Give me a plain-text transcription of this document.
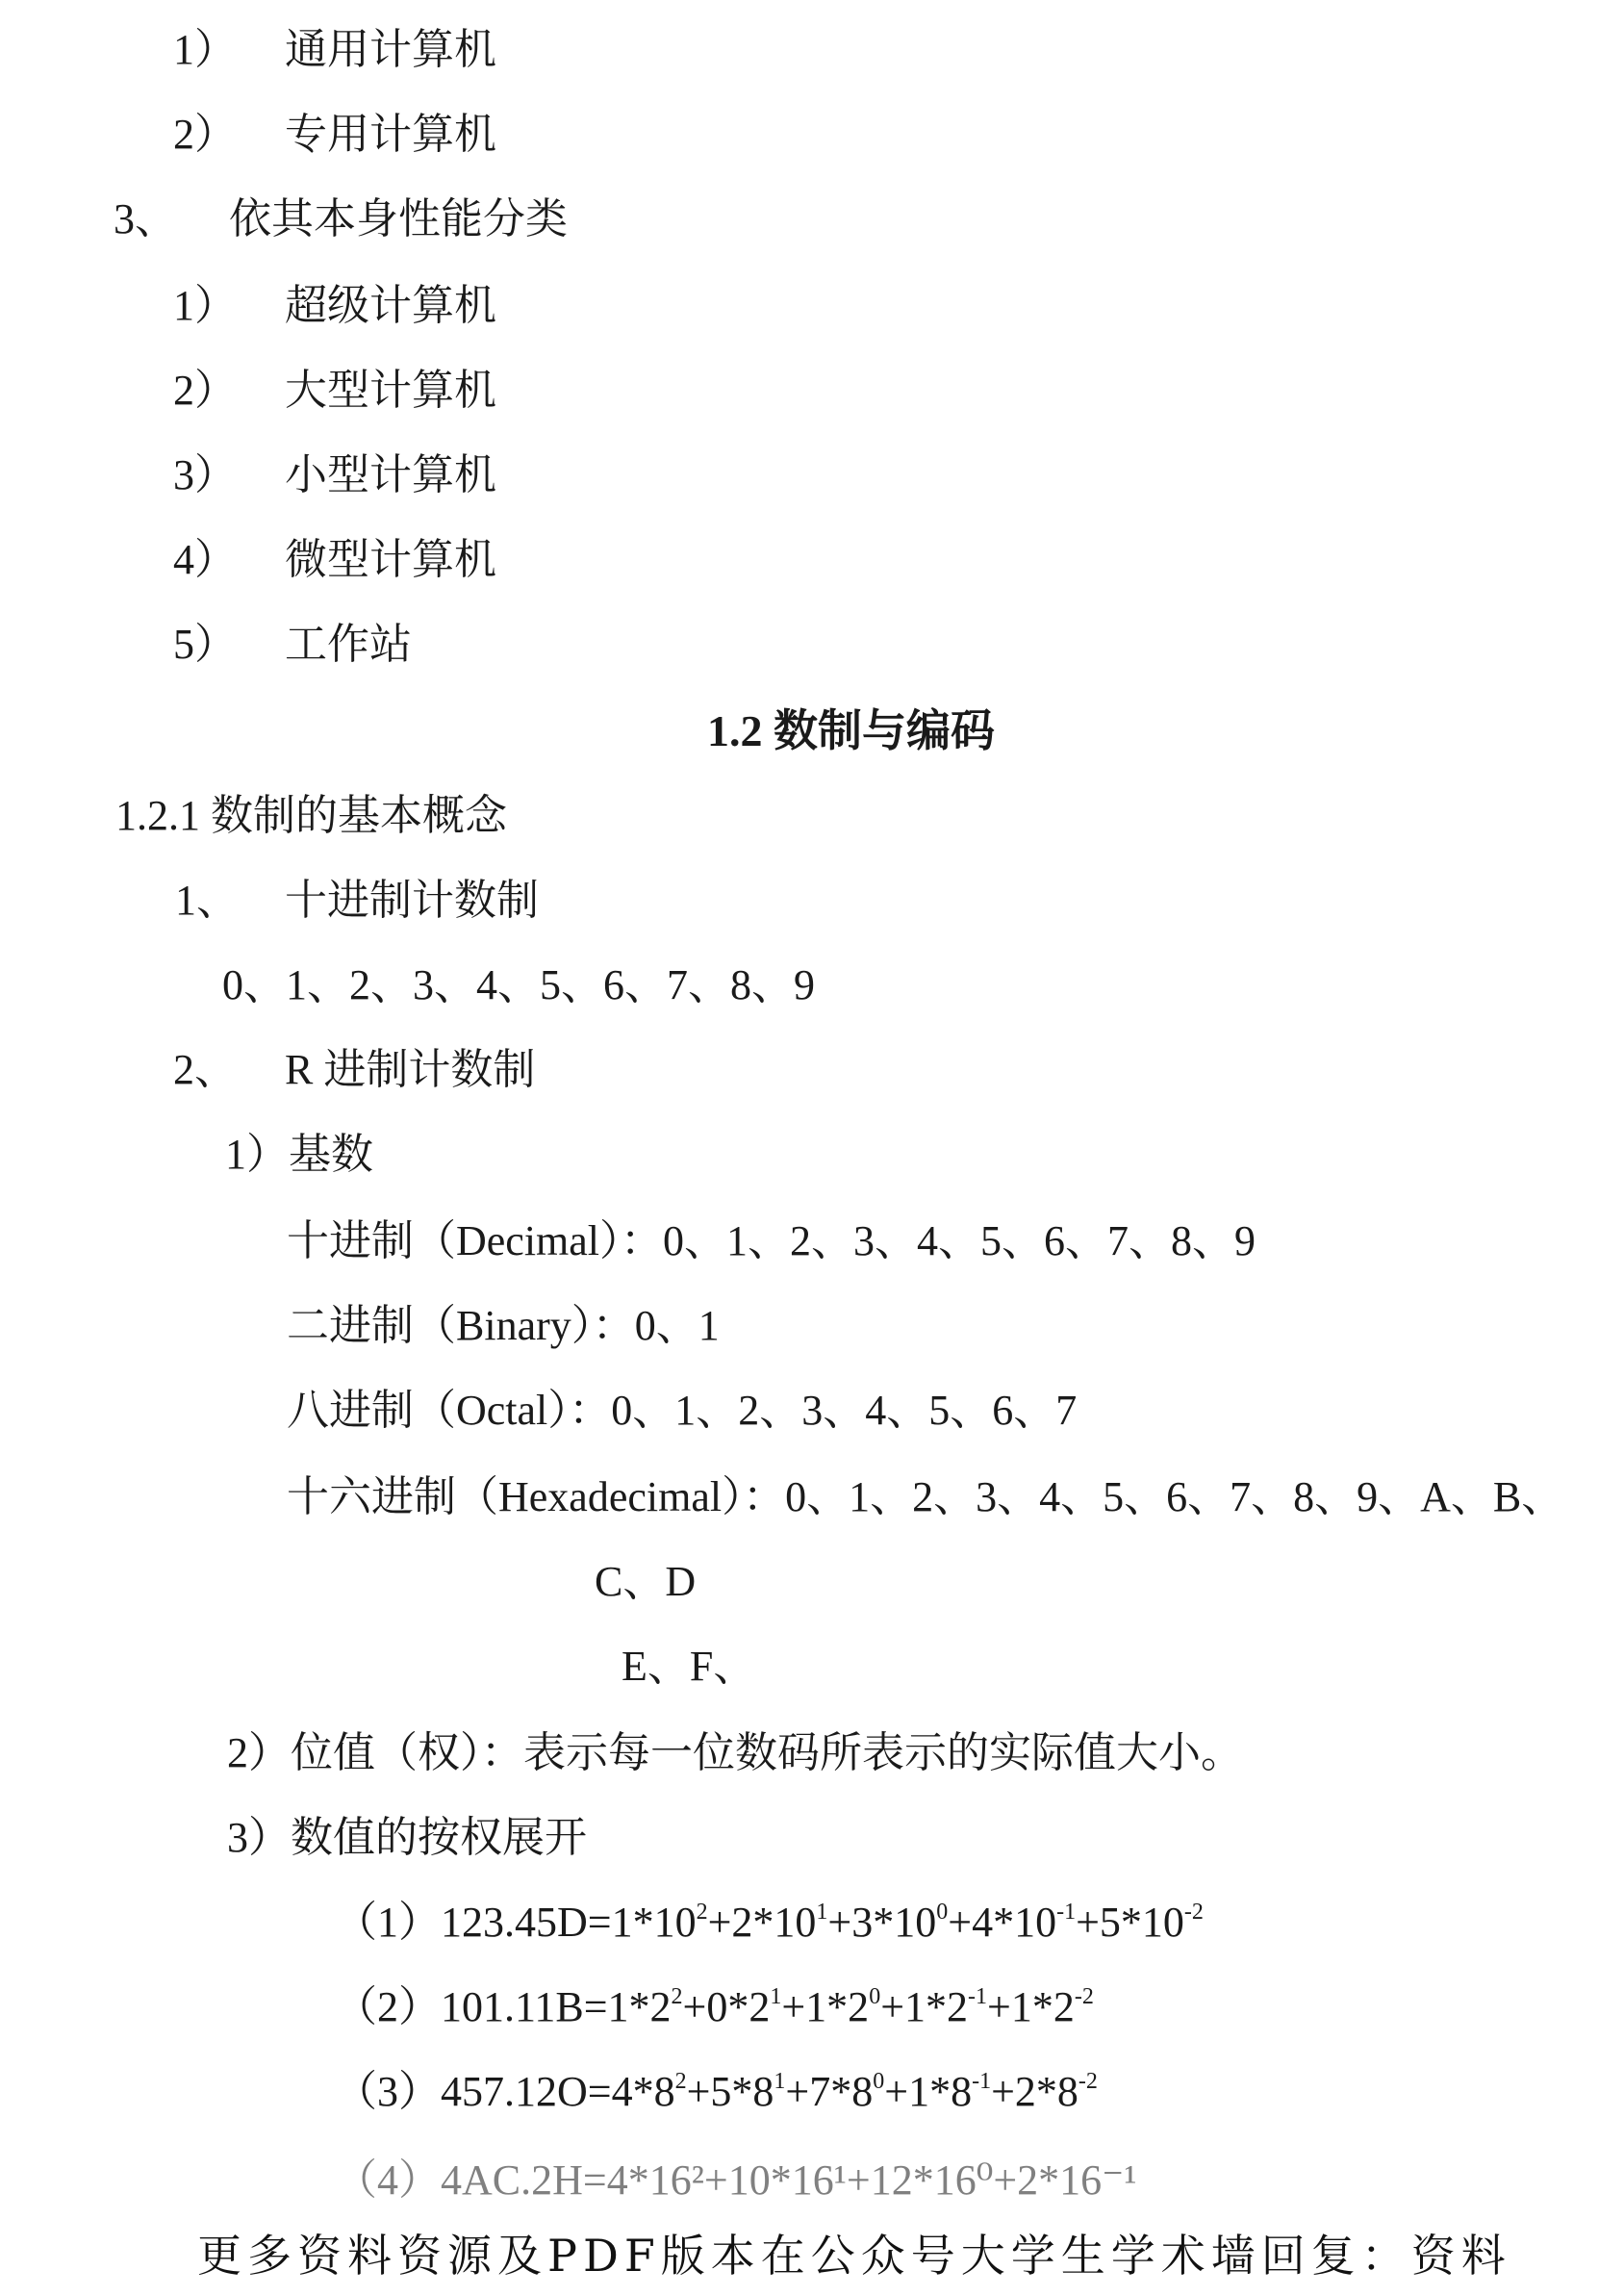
1） 通用计算机
2） 专用计算机
3、 依其本身性能分类
1） 超级计算机
2） 大型计算机
3） 小型计算机
4） 微型计算机
5） 工作站
1.2 数制与编码
1.2.1 数制的基本概念
1、 十进制计数制
0、1、2、3、4、5、6、7、8、9
2、 R 进制计数制
1）基数
十进制（Decimal）：0、1、2、3、4、5、6、7、8、9
二进制（Binary）：0、1
八进制（Octal）：0、1、2、3、4、5、6、7
十六进制（Hexadecimal）：0、1、2、3、4、5、6、7、8、9、A、B、
C、D
E、F、
2）位值（权）：表示每一位数码所表示的实际值大小。
3）数值的按权展开
$(1)123.45D=1*10^2+2*10^1+3*10^0+4*10^{-1}+5*10^{-2}$
$(2)101.11B=1*2^2+0*2^1+1*2^0+1*2^{-1}+1*2^{-2}$
$(3)457.12O=4*8^2+5*8^1+7*8^0+1*8^{-1}+2*8^{-2}$
（4）4AC.2H=4*16²+10*16¹+12*16⁰+2*16⁻¹
更多资料资源及PDF版本在公众号大学生学术墙回复：资料
